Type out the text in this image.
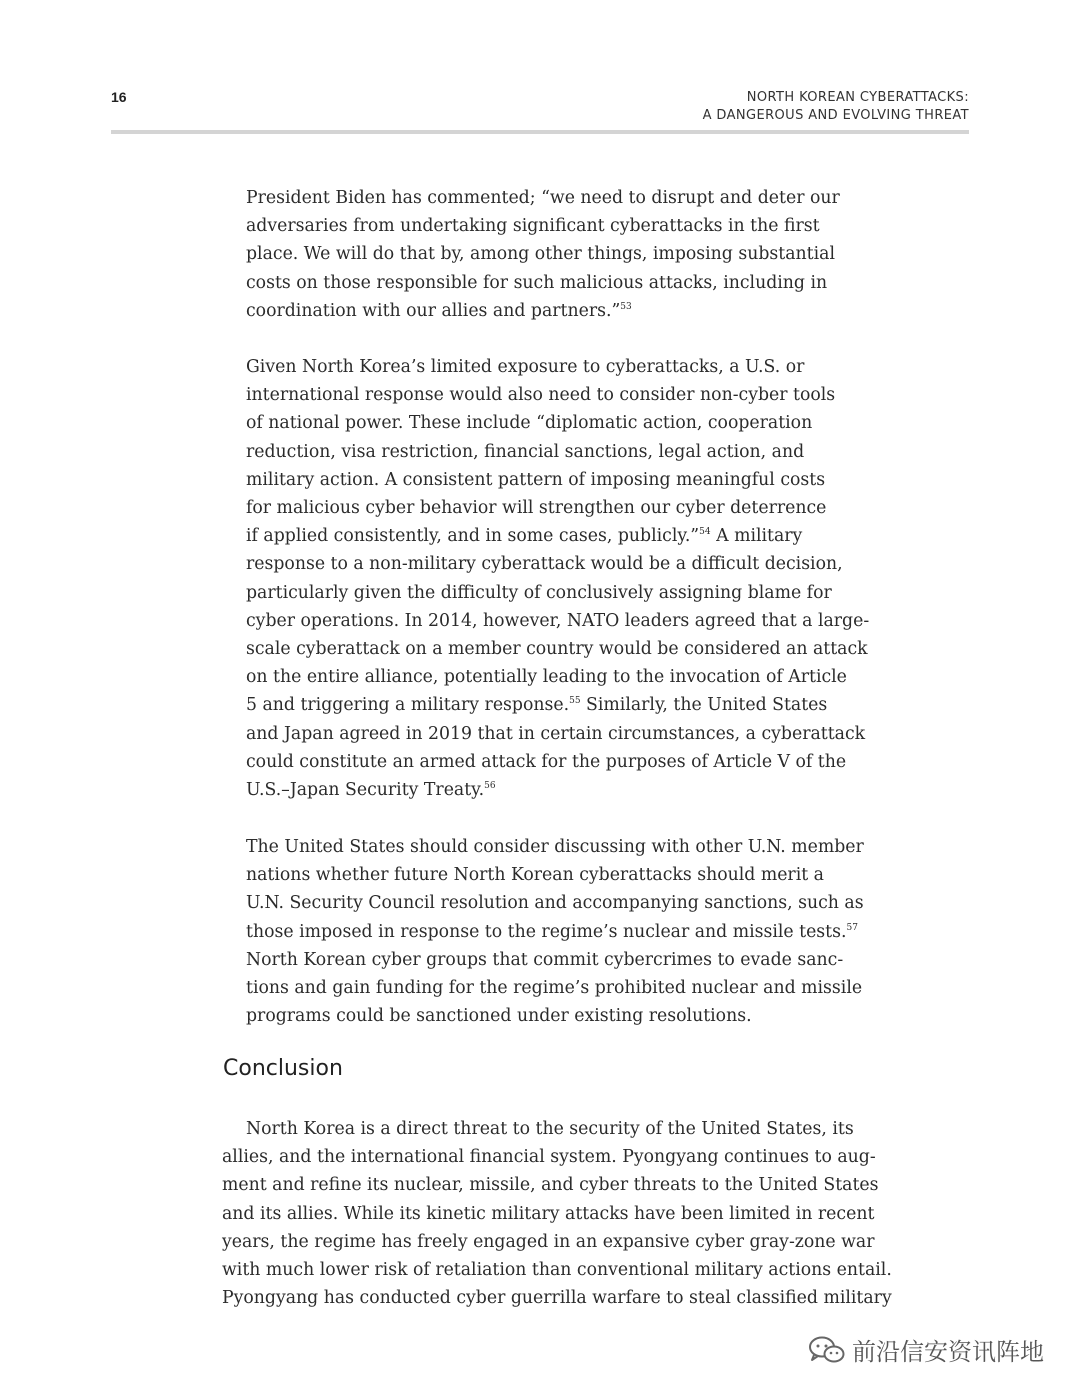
16	NORTH KOREAN CYBERATTACKS:
A DANGEROUS AND EVOLVING THREAT

President Biden has commented; “we need to disrupt and deter our
adversaries from undertaking significant cyberattacks in the first
place. We will do that by, among other things, imposing substantial
costs on those responsible for such malicious attacks, including in
coordination with our allies and partners.”$^{53}$

Given North Korea’s limited exposure to cyberattacks, a U.S. or
international response would also need to consider non-cyber tools
of national power. These include “diplomatic action, cooperation
reduction, visa restriction, financial sanctions, legal action, and
military action. A consistent pattern of imposing meaningful costs
for malicious cyber behavior will strengthen our cyber deterrence
if applied consistently, and in some cases, publicly.”$^{54}$ A military
response to a non-military cyberattack would be a difficult decision,
particularly given the difficulty of conclusively assigning blame for
cyber operations. In 2014, however, NATO leaders agreed that a large-
scale cyberattack on a member country would be considered an attack
on the entire alliance, potentially leading to the invocation of Article
5 and triggering a military response.$^{55}$ Similarly, the United States
and Japan agreed in 2019 that in certain circumstances, a cyberattack
could constitute an armed attack for the purposes of Article V of the
U.S.–Japan Security Treaty.$^{56}$

The United States should consider discussing with other U.N. member
nations whether future North Korean cyberattacks should merit a
U.N. Security Council resolution and accompanying sanctions, such as
those imposed in response to the regime’s nuclear and missile tests.$^{57}$
North Korean cyber groups that commit cybercrimes to evade sanc-
tions and gain funding for the regime’s prohibited nuclear and missile
programs could be sanctioned under existing resolutions.

Conclusion

North Korea is a direct threat to the security of the United States, its
allies, and the international financial system. Pyongyang continues to aug-
ment and refine its nuclear, missile, and cyber threats to the United States
and its allies. While its kinetic military attacks have been limited in recent
years, the regime has freely engaged in an expansive cyber gray-zone war
with much lower risk of retaliation than conventional military actions entail.
Pyongyang has conducted cyber guerrilla warfare to steal classified military

前沿信安资讯阵地
